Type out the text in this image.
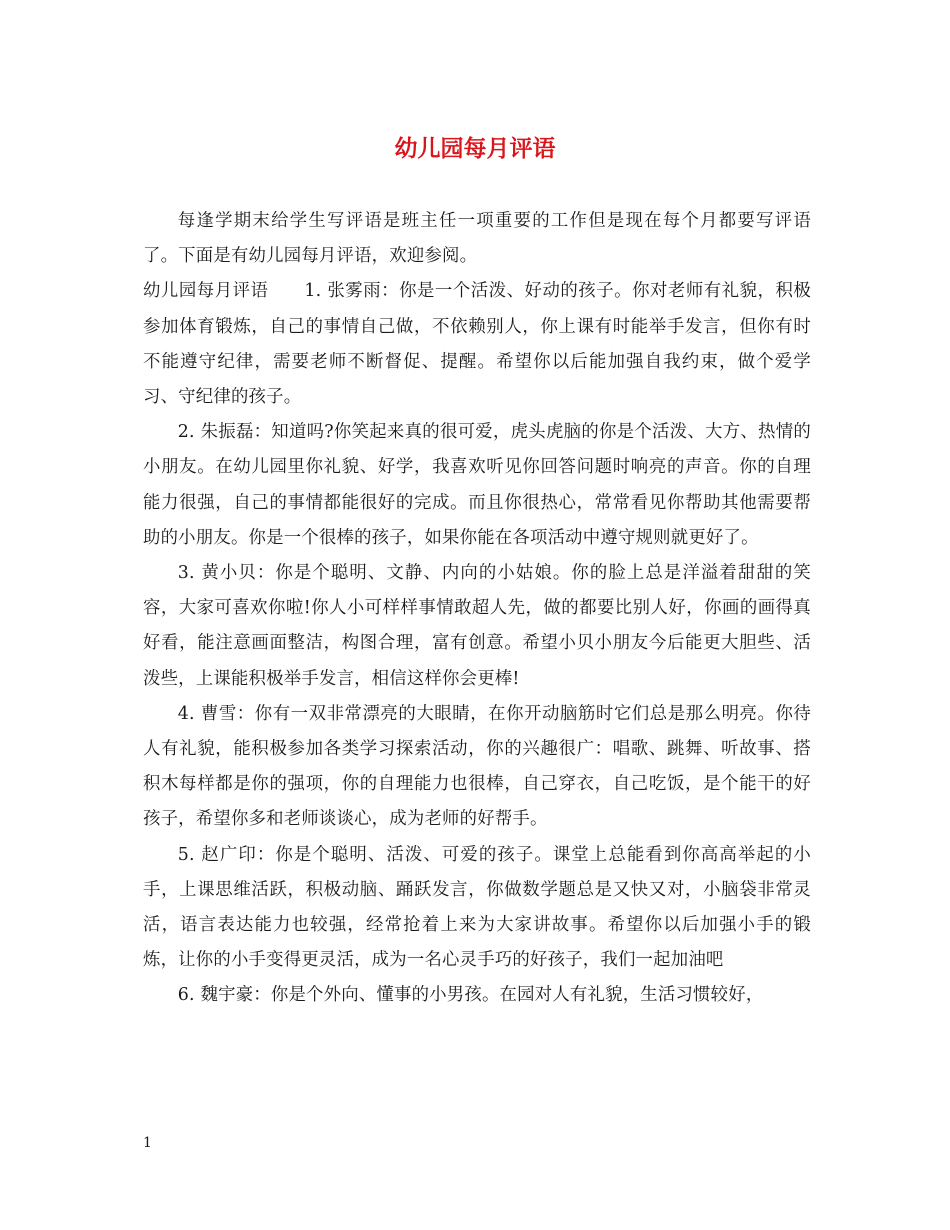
幼儿园每月评语

每逢学期末给学生写评语是班主任一项重要的工作但是现在每个月都要写评语了。下面是有幼儿园每月评语，欢迎参阅。

幼儿园每月评语　　1. 张雾雨：你是一个活泼、好动的孩子。你对老师有礼貌，积极参加体育锻炼，自己的事情自己做，不依赖别人，你上课有时能举手发言，但你有时不能遵守纪律，需要老师不断督促、提醒。希望你以后能加强自我约束，做个爱学习、守纪律的孩子。

2. 朱振磊：知道吗?你笑起来真的很可爱，虎头虎脑的你是个活泼、大方、热情的小朋友。在幼儿园里你礼貌、好学，我喜欢听见你回答问题时响亮的声音。你的自理能力很强，自己的事情都能很好的完成。而且你很热心，常常看见你帮助其他需要帮助的小朋友。你是一个很棒的孩子，如果你能在各项活动中遵守规则就更好了。

3. 黄小贝：你是个聪明、文静、内向的小姑娘。你的脸上总是洋溢着甜甜的笑容，大家可喜欢你啦!你人小可样样事情敢超人先，做的都要比别人好，你画的画得真好看，能注意画面整洁，构图合理，富有创意。希望小贝小朋友今后能更大胆些、活泼些，上课能积极举手发言，相信这样你会更棒!

4. 曹雪：你有一双非常漂亮的大眼睛，在你开动脑筋时它们总是那么明亮。你待人有礼貌，能积极参加各类学习探索活动，你的兴趣很广：唱歌、跳舞、听故事、搭积木每样都是你的强项，你的自理能力也很棒，自己穿衣，自己吃饭，是个能干的好孩子，希望你多和老师谈谈心，成为老师的好帮手。

5. 赵广印：你是个聪明、活泼、可爱的孩子。课堂上总能看到你高高举起的小手，上课思维活跃，积极动脑、踊跃发言，你做数学题总是又快又对，小脑袋非常灵活，语言表达能力也较强，经常抢着上来为大家讲故事。希望你以后加强小手的锻炼，让你的小手变得更灵活，成为一名心灵手巧的好孩子，我们一起加油吧

6. 魏宇豪：你是个外向、懂事的小男孩。在园对人有礼貌，生活习惯较好，

1
